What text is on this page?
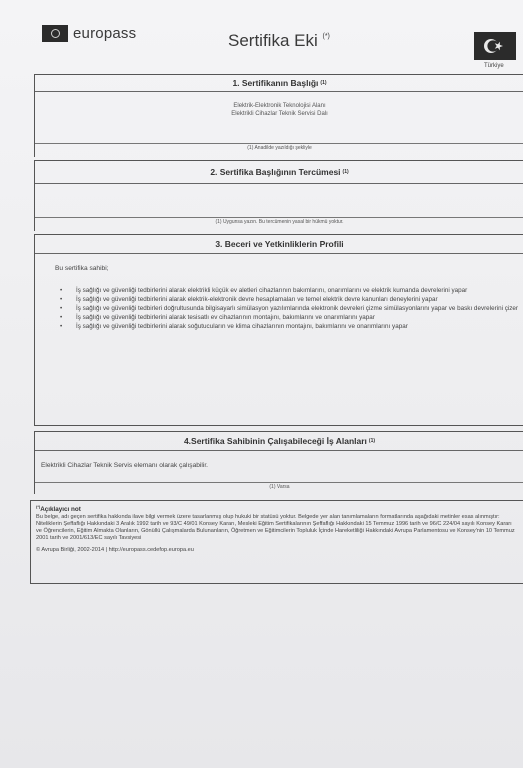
europass	Sertifika Eki (*)
Türkiye
1. Sertifikanın Başlığı (1)
Elektrik-Elektronik Teknolojisi Alanı
Elektrikli Cihazlar Teknik Servisi Dalı
(1) Anadilde yazıldığı şekliyle
2. Sertifika Başlığının Tercümesi (1)
(1) Uygunsa yazın. Bu tercümenin yasal bir hükmü yoktur.
3. Beceri ve Yetkinliklerin Profili
Bu sertifika sahibi;
• İş sağlığı ve güvenliği tedbirlerini alarak elektrikli küçük ev aletleri cihazlarının bakımlarını, onarımlarını ve elektrik kumanda devrelerini yapar
• İş sağlığı ve güvenliği tedbirlerini alarak elektrik-elektronik devre hesaplamaları ve temel elektrik devre kanunları deneylerini yapar
• İş sağlığı ve güvenliği tedbirleri doğrultusunda bilgisayarlı simülasyon yazılımlarında elektronik devreleri çizme simülasyonlarını yapar ve baskı devrelerini çizer
• İş sağlığı ve güvenliği tedbirlerini alarak tesisatlı ev cihazlarının montajını, bakımlarını ve onarımlarını yapar
• İş sağlığı ve güvenliği tedbirlerini alarak soğutucuların ve klima cihazlarının montajını, bakımlarını ve onarımlarını yapar
4.Sertifika Sahibinin Çalışabileceği İş Alanları (1)
Elektrikli Cihazlar Teknik Servis elemanı olarak çalışabilir.
(1) Varsa
(*)Açıklayıcı not
Bu belge, adı geçen sertifika hakkında ilave bilgi vermek üzere tasarlanmış olup hukuki bir statüsü yoktur. Belgede yer alan tanımlamaların formatlarında aşağıdaki metinler esas alınmıştır: Niteliklerin Şeffaflığı Hakkındaki 3 Aralık 1992 tarih ve 93/C 49/01 Konsey Kararı, Mesleki Eğitim Sertifikalarının Şeffaflığı Hakkındaki 15 Temmuz 1996 tarih ve 96/C 224/04 sayılı Konsey Kararı ve Öğrencilerin, Eğitim Almakta Olanların, Gönüllü Çalışmalarda Bulunanların, Öğretmen ve Eğitimcilerin Topluluk İçinde Hareketliliği Hakkındaki Avrupa Parlamentosu ve Konsey'nin 10 Temmuz 2001 tarih ve 2001/613/EC sayılı Tavsiyesi
© Avrupa Birliği, 2002-2014 | http://europass.cedefop.europa.eu
